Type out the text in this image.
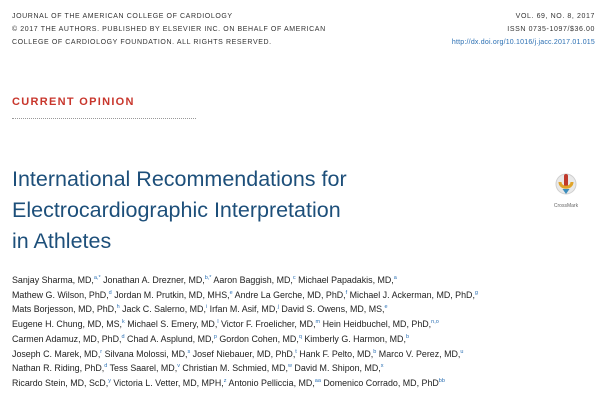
JOURNAL OF THE AMERICAN COLLEGE OF CARDIOLOGY
© 2017 THE AUTHORS. PUBLISHED BY ELSEVIER INC. ON BEHALF OF AMERICAN
COLLEGE OF CARDIOLOGY FOUNDATION. ALL RIGHTS RESERVED.
VOL. 69, NO. 8, 2017
ISSN 0735-1097/$36.00
http://dx.doi.org/10.1016/j.jacc.2017.01.015
CURRENT OPINION
International Recommendations for
Electrocardiographic Interpretation
in Athletes
CrossMark
Sanjay Sharma, MD,$^{a,*}$ Jonathan A. Drezner, MD,$^{b,*}$ Aaron Baggish, MD,$^c$ Michael Papadakis, MD,$^a$
Mathew G. Wilson, PhD,$^d$ Jordan M. Prutkin, MD, MHS,$^e$ Andre La Gerche, MD, PhD,$^f$ Michael J. Ackerman, MD, PhD,$^g$
Mats Borjesson, MD, PhD,$^h$ Jack C. Salerno, MD,$^i$ Irfan M. Asif, MD,$^j$ David S. Owens, MD, MS,$^e$
Eugene H. Chung, MD, MS,$^k$ Michael S. Emery, MD,$^l$ Victor F. Froelicher, MD,$^m$ Hein Heidbuchel, MD, PhD,$^{n,o}$
Carmen Adamuz, MD, PhD,$^d$ Chad A. Asplund, MD,$^p$ Gordon Cohen, MD,$^q$ Kimberly G. Harmon, MD,$^b$
Joseph C. Marek, MD,$^r$ Silvana Molossi, MD,$^s$ Josef Niebauer, MD, PhD,$^t$ Hank F. Pelto, MD,$^b$ Marco V. Perez, MD,$^u$
Nathan R. Riding, PhD,$^d$ Tess Saarel, MD,$^v$ Christian M. Schmied, MD,$^w$ David M. Shipon, MD,$^x$
Ricardo Stein, MD, ScD,$^y$ Victoria L. Vetter, MD, MPH,$^z$ Antonio Pelliccia, MD,$^{aa}$ Domenico Corrado, MD, PhD$^{bb}$
